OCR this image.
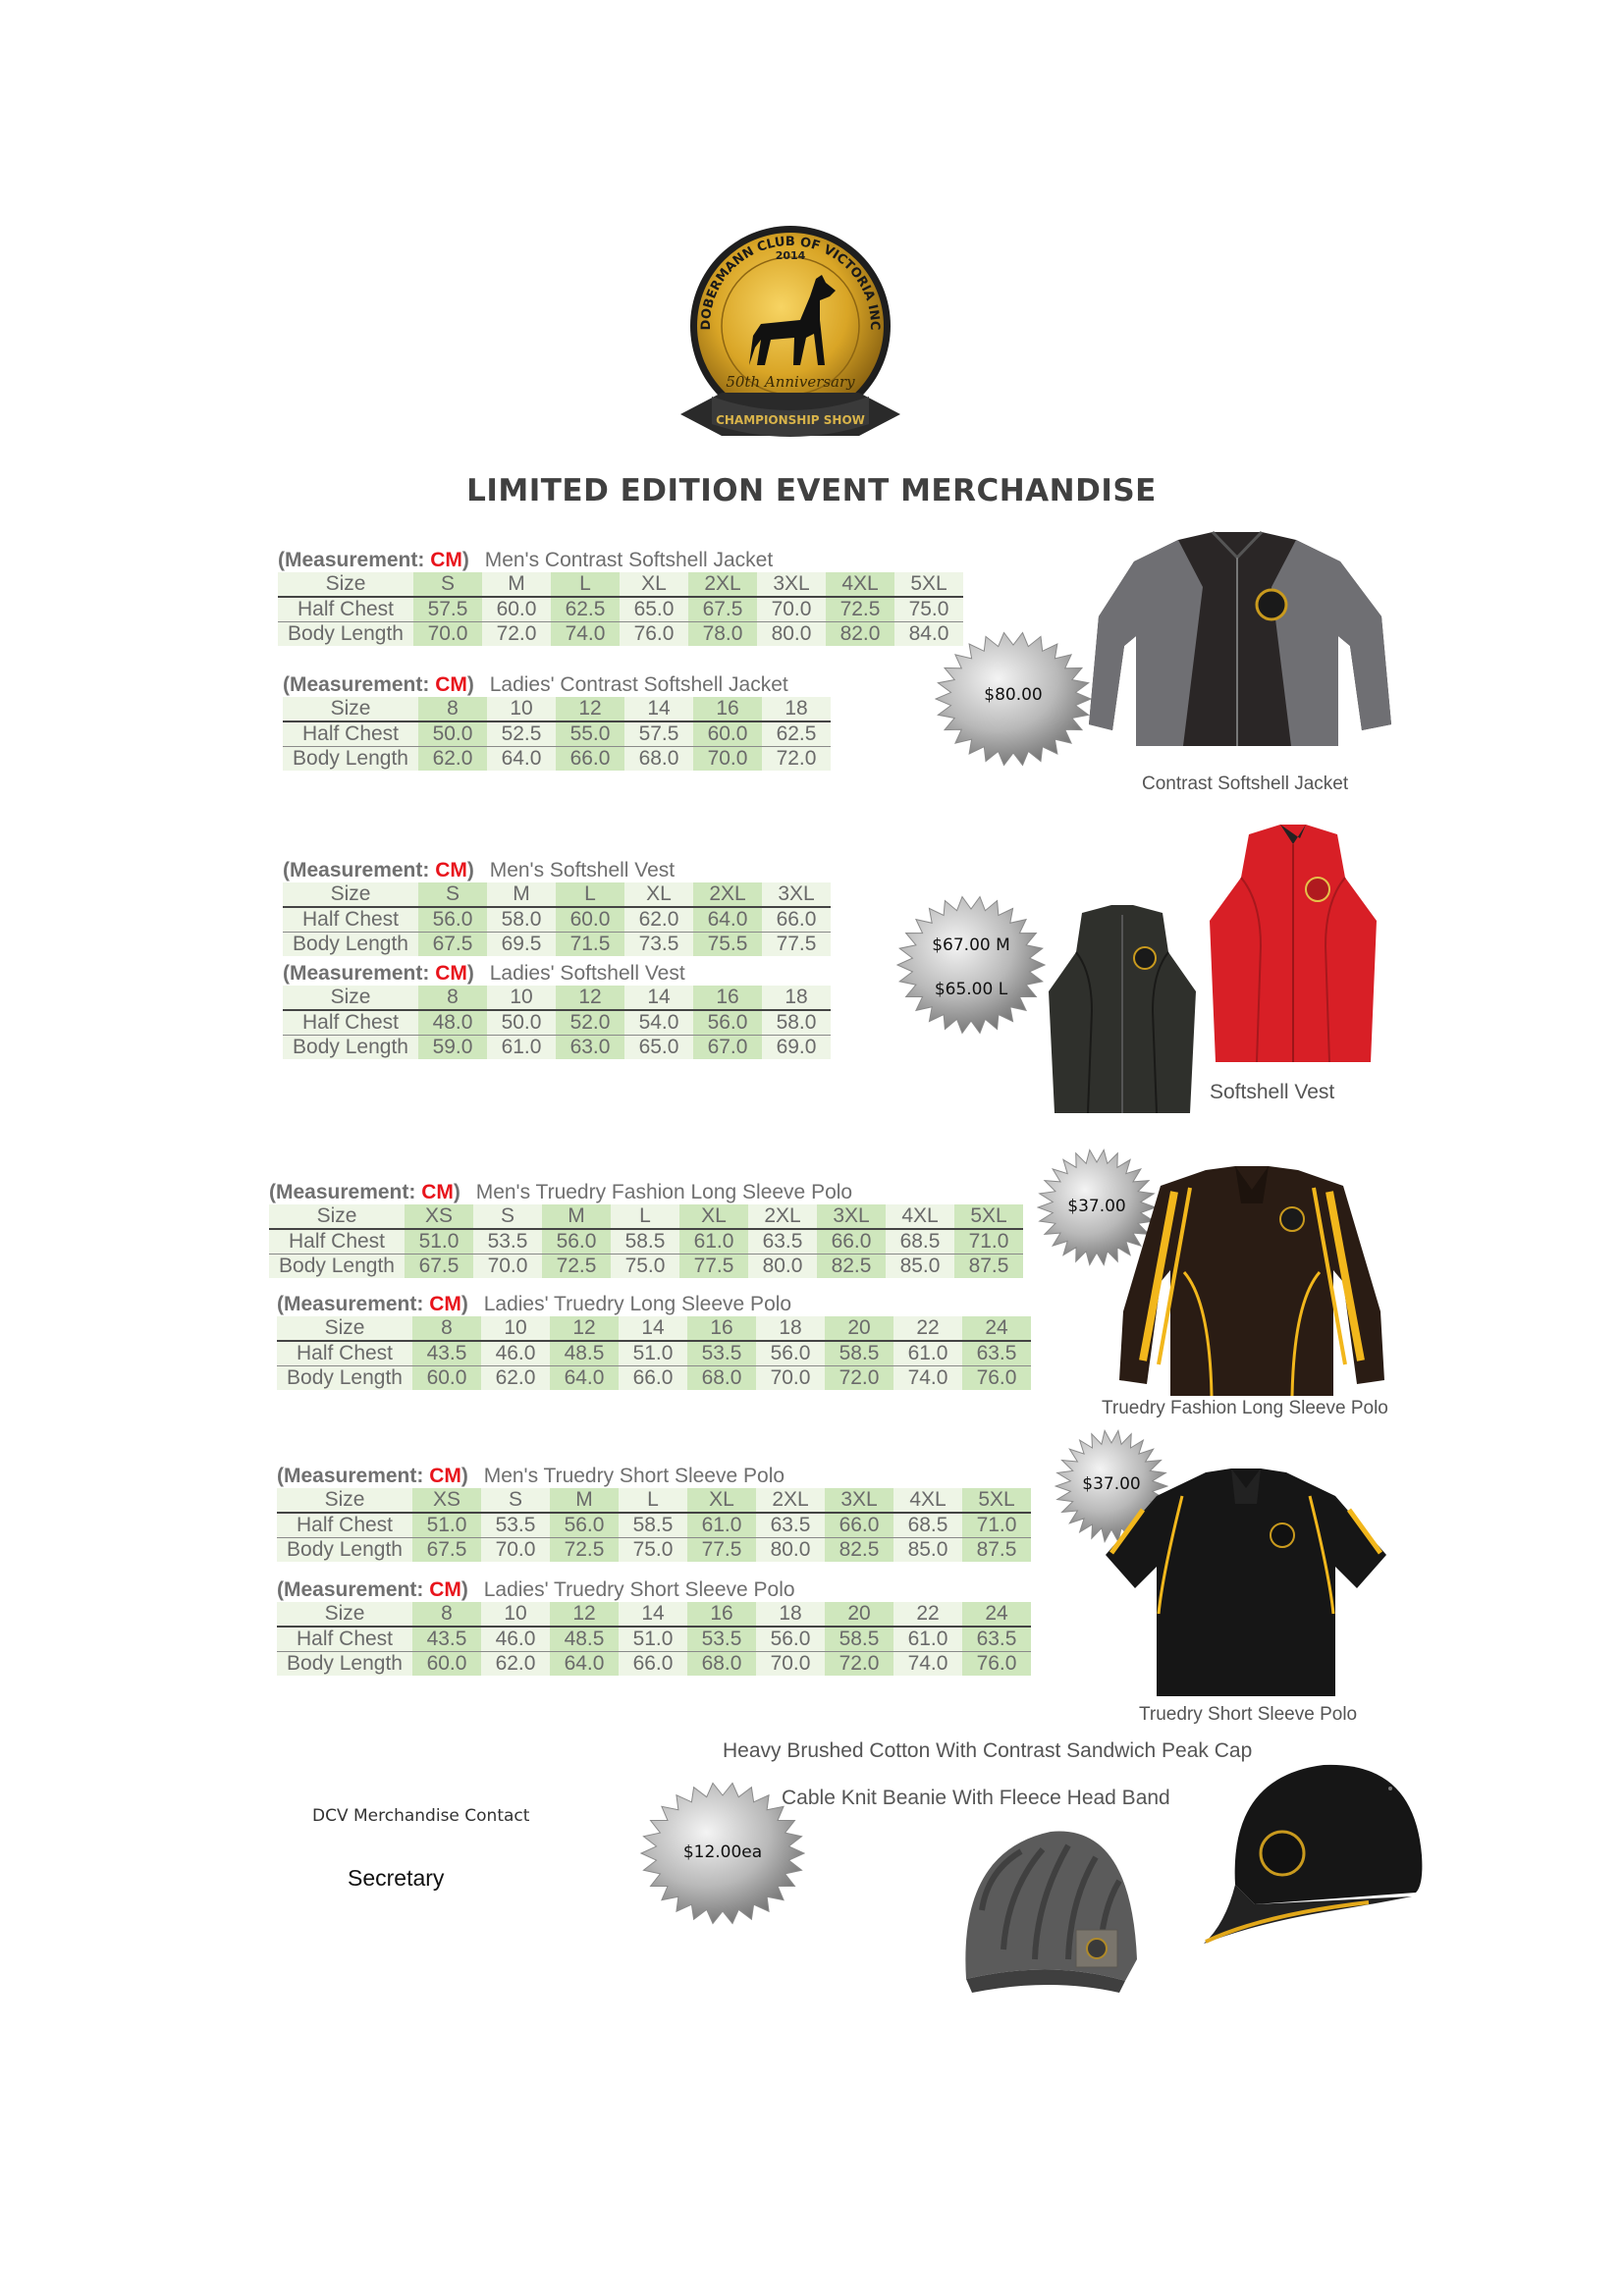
CHAMPIONSHIP SHOW
2014
50th Anniversary
DOBERMANN CLUB OF VICTORIA INC
LIMITED EDITION EVENT MERCHANDISE
(Measurement: CM) Men's Contrast Softshell Jacket
Size	S	M	L	XL	2XL	3XL	4XL	5XL
Half Chest	57.5	60.0	62.5	65.0	67.5	70.0	72.5	75.0
Body Length	70.0	72.0	74.0	76.0	78.0	80.0	82.0	84.0
(Measurement: CM) Ladies' Contrast Softshell Jacket
Size	8	10	12	14	16	18
Half Chest	50.0	52.5	55.0	57.5	60.0	62.5
Body Length	62.0	64.0	66.0	68.0	70.0	72.0
(Measurement: CM) Men's Softshell Vest
Size	S	M	L	XL	2XL	3XL
Half Chest	56.0	58.0	60.0	62.0	64.0	66.0
Body Length	67.5	69.5	71.5	73.5	75.5	77.5
(Measurement: CM) Ladies' Softshell Vest
Size	8	10	12	14	16	18
Half Chest	48.0	50.0	52.0	54.0	56.0	58.0
Body Length	59.0	61.0	63.0	65.0	67.0	69.0
(Measurement: CM) Men's Truedry Fashion Long Sleeve Polo
Size	XS	S	M	L	XL	2XL	3XL	4XL	5XL
Half Chest	51.0	53.5	56.0	58.5	61.0	63.5	66.0	68.5	71.0
Body Length	67.5	70.0	72.5	75.0	77.5	80.0	82.5	85.0	87.5
(Measurement: CM) Ladies' Truedry Long Sleeve Polo
Size	8	10	12	14	16	18	20	22	24
Half Chest	43.5	46.0	48.5	51.0	53.5	56.0	58.5	61.0	63.5
Body Length	60.0	62.0	64.0	66.0	68.0	70.0	72.0	74.0	76.0
(Measurement: CM) Men's Truedry Short Sleeve Polo
Size	XS	S	M	L	XL	2XL	3XL	4XL	5XL
Half Chest	51.0	53.5	56.0	58.5	61.0	63.5	66.0	68.5	71.0
Body Length	67.5	70.0	72.5	75.0	77.5	80.0	82.5	85.0	87.5
(Measurement: CM) Ladies' Truedry Short Sleeve Polo
Size	8	10	12	14	16	18	20	22	24
Half Chest	43.5	46.0	48.5	51.0	53.5	56.0	58.5	61.0	63.5
Body Length	60.0	62.0	64.0	66.0	68.0	70.0	72.0	74.0	76.0
$80.00
$67.00 M
$65.00 L
$37.00
$37.00
$12.00ea
Contrast Softshell Jacket
Softshell Vest
Truedry Fashion Long Sleeve Polo
Truedry Short Sleeve Polo
Heavy Brushed Cotton With Contrast Sandwich Peak Cap
Cable Knit Beanie With Fleece Head Band
DCV Merchandise Contact
Secretary
